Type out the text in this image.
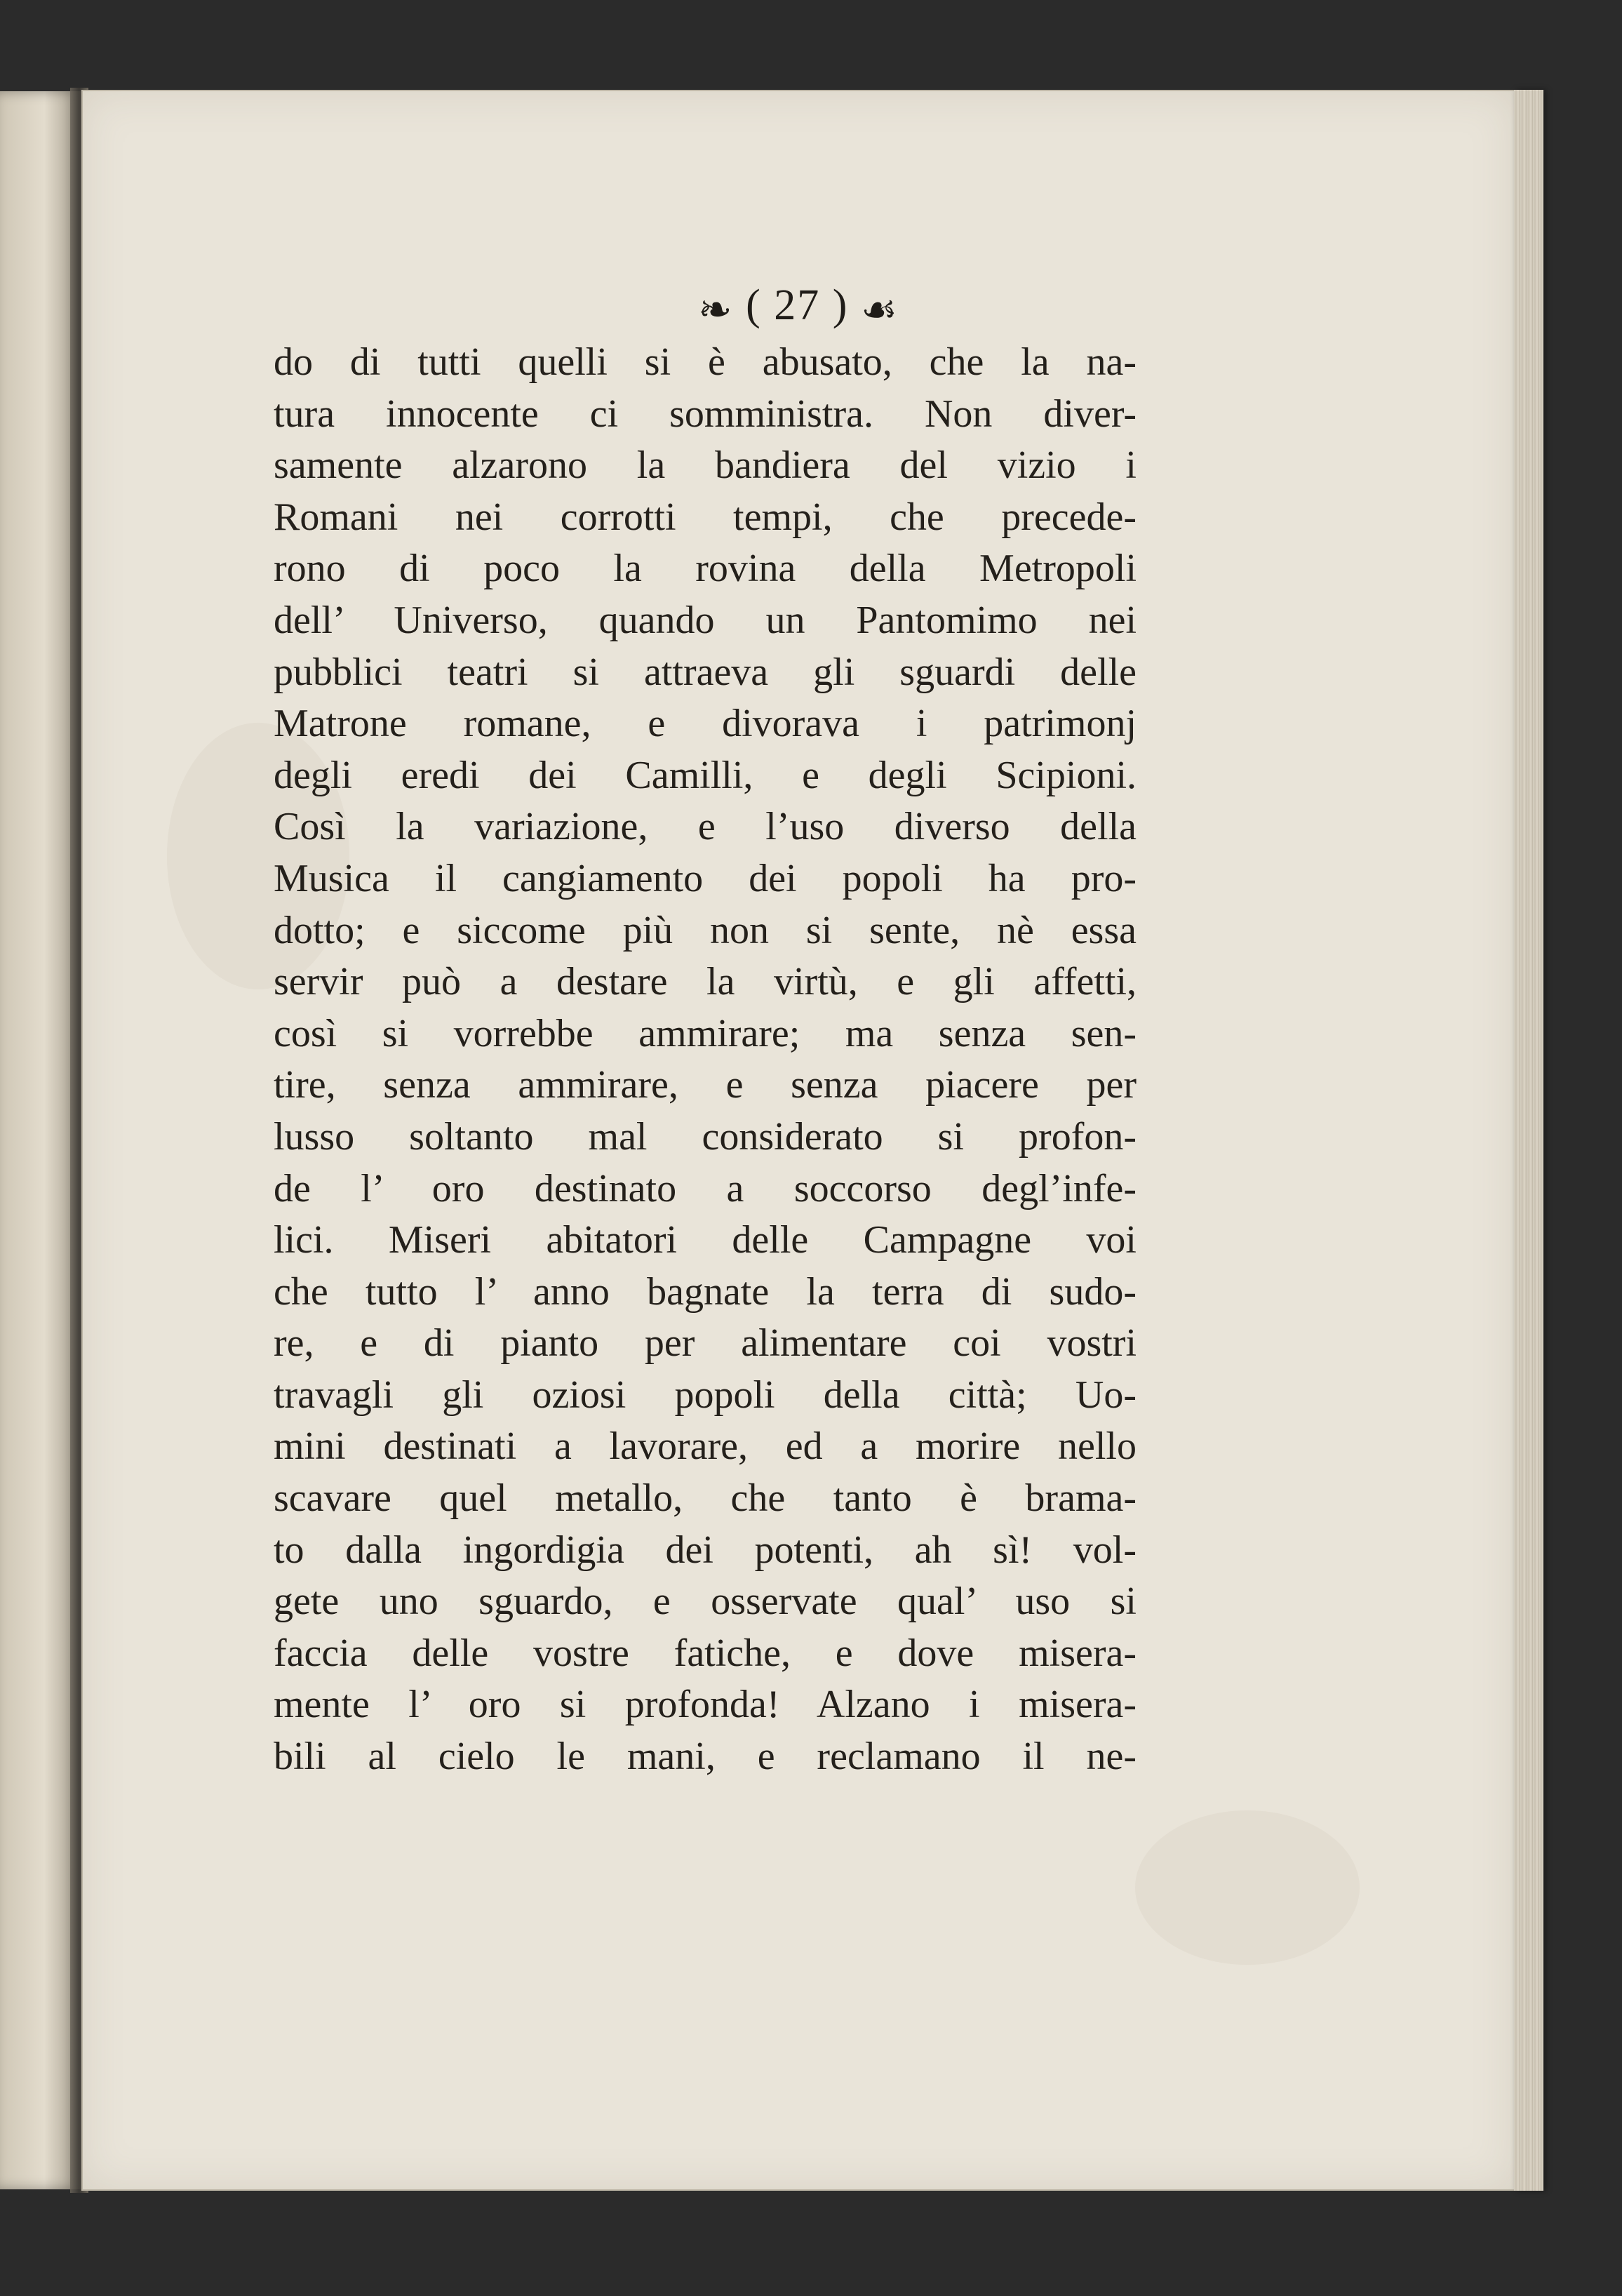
❧ ( 27 ) ☙
do di tutti quelli si è abusato, che la na-
tura innocente ci somministra. Non diver-
samente alzarono la bandiera del vizio i
Romani nei corrotti tempi, che precede-
rono di poco la rovina della Metropoli
dell’ Universo, quando un Pantomimo nei
pubblici teatri si attraeva gli sguardi delle
Matrone romane, e divorava i patrimonj
degli eredi dei Camilli, e degli Scipioni.
Così la variazione, e l’uso diverso della
Musica il cangiamento dei popoli ha pro-
dotto; e siccome più non si sente, nè essa
servir può a destare la virtù, e gli affetti,
così si vorrebbe ammirare; ma senza sen-
tire, senza ammirare, e senza piacere per
lusso soltanto mal considerato si profon-
de l’ oro destinato a soccorso degl’infe-
lici. Miseri abitatori delle Campagne voi
che tutto l’ anno bagnate la terra di sudo-
re, e di pianto per alimentare coi vostri
travagli gli oziosi popoli della città; Uo-
mini destinati a lavorare, ed a morire nello
scavare quel metallo, che tanto è brama-
to dalla ingordigia dei potenti, ah sì! vol-
gete uno sguardo, e osservate qual’ uso si
faccia delle vostre fatiche, e dove misera-
mente l’ oro si profonda! Alzano i misera-
bili al cielo le mani, e reclamano il ne-
